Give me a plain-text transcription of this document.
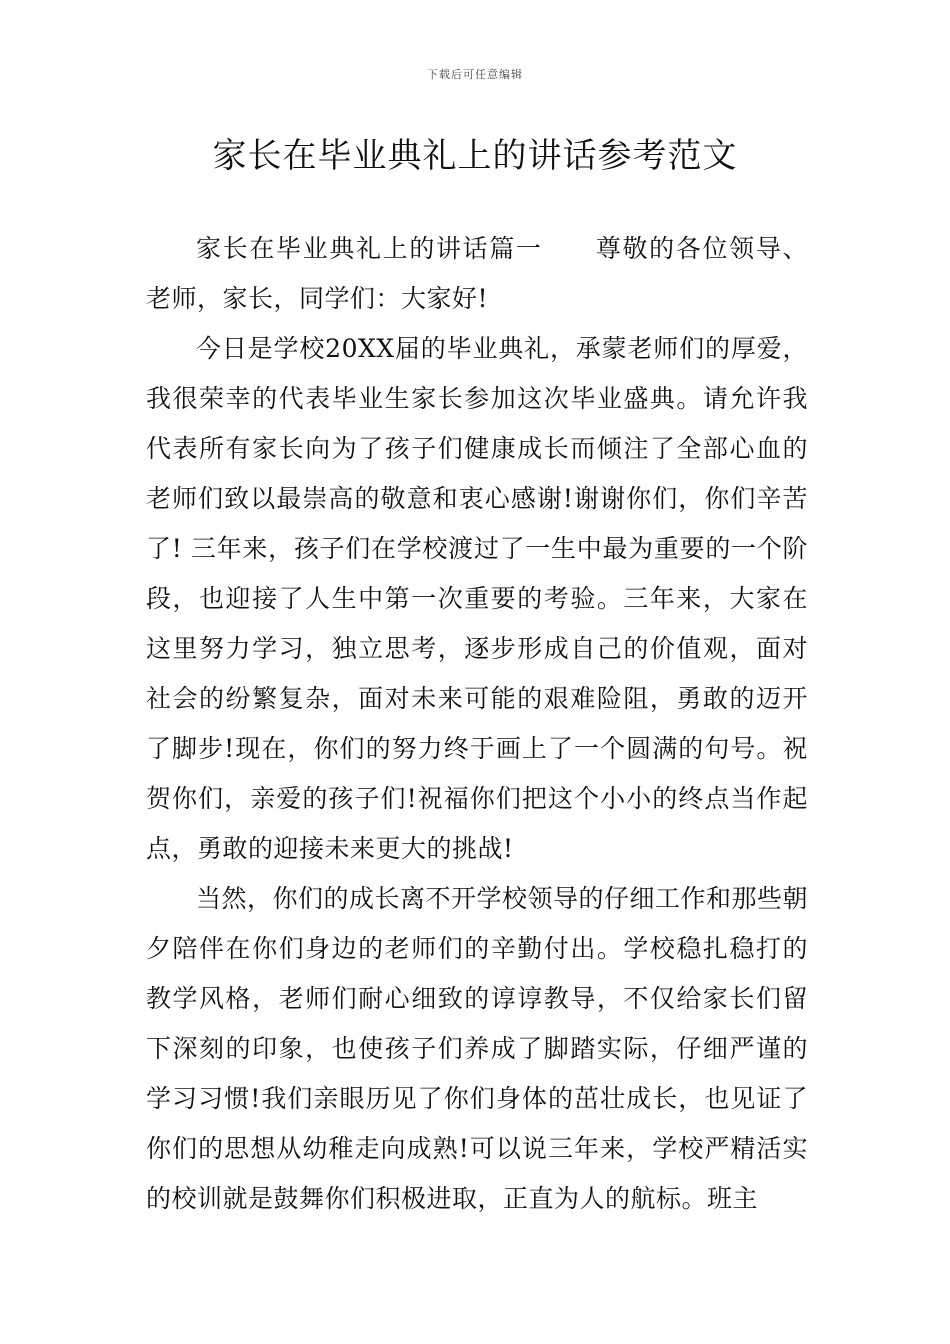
下载后可任意编辑
家长在毕业典礼上的讲话参考范文

家长在毕业典礼上的讲话篇一 尊敬的各位领导、老师，家长，同学们：大家好!

今日是学校20XX届的毕业典礼，承蒙老师们的厚爱，我很荣幸的代表毕业生家长参加这次毕业盛典。请允许我代表所有家长向为了孩子们健康成长而倾注了全部心血的老师们致以最崇高的敬意和衷心感谢!谢谢你们，你们辛苦了! 三年来，孩子们在学校渡过了一生中最为重要的一个阶段，也迎接了人生中第一次重要的考验。三年来，大家在这里努力学习，独立思考，逐步形成自己的价值观，面对社会的纷繁复杂，面对未来可能的艰难险阻，勇敢的迈开了脚步!现在，你们的努力终于画上了一个圆满的句号。祝贺你们，亲爱的孩子们!祝福你们把这个小小的终点当作起点，勇敢的迎接未来更大的挑战!

当然，你们的成长离不开学校领导的仔细工作和那些朝夕陪伴在你们身边的老师们的辛勤付出。学校稳扎稳打的教学风格，老师们耐心细致的谆谆教导，不仅给家长们留下深刻的印象，也使孩子们养成了脚踏实际，仔细严谨的学习习惯!我们亲眼历见了你们身体的茁壮成长，也见证了你们的思想从幼稚走向成熟!可以说三年来，学校严精活实的校训就是鼓舞你们积极进取，正直为人的航标。班主
